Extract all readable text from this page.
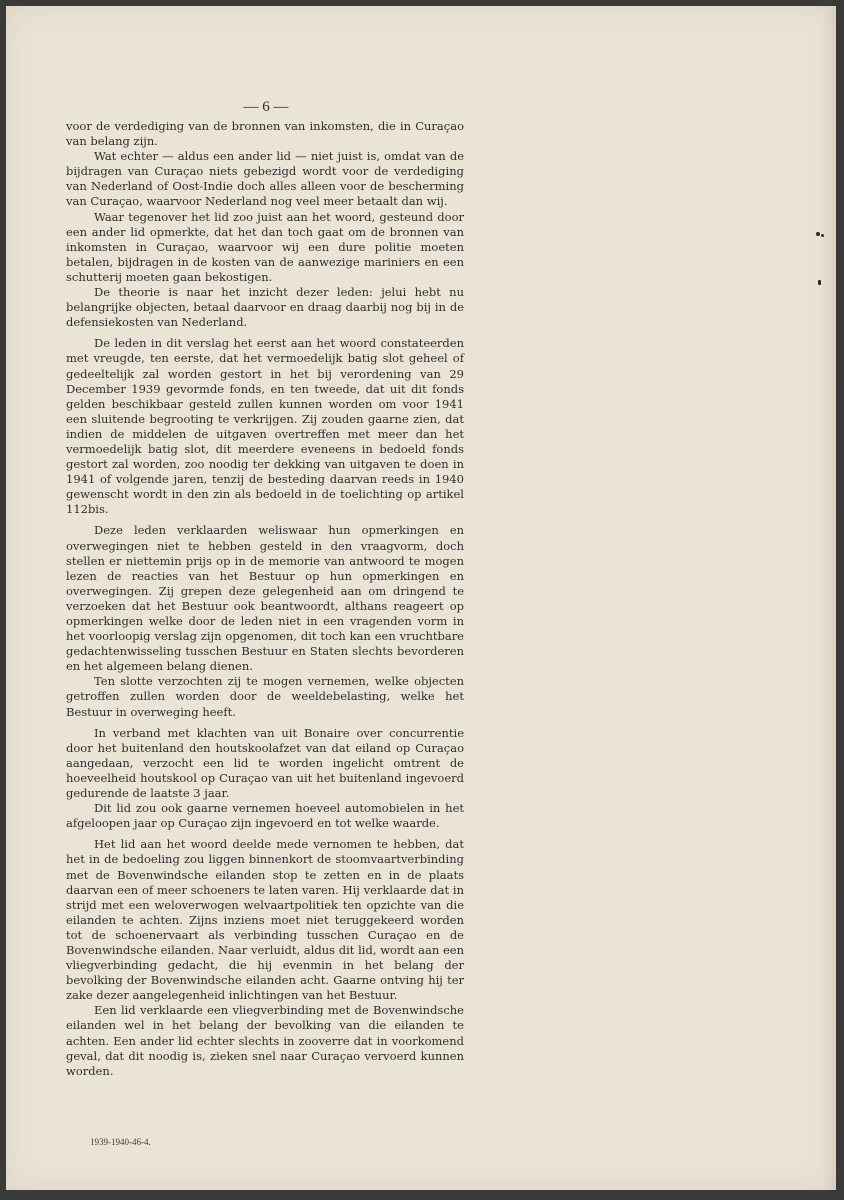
— 6 —

voor de verdediging van de bronnen van inkomsten, die in Curaçao van belang zijn.

Wat echter — aldus een ander lid — niet juist is, omdat van de bijdragen van Curaçao niets gebezigd wordt voor de verdediging van Nederland of Oost-Indie doch alles alleen voor de bescherming van Curaçao, waarvoor Nederland nog veel meer betaalt dan wij.

Waar tegenover het lid zoo juist aan het woord, gesteund door een ander lid opmerkte, dat het dan toch gaat om de bronnen van inkomsten in Curaçao, waarvoor wij een dure politie moeten betalen, bijdragen in de kosten van de aanwezige mariniers en een schutterij moeten gaan bekostigen.

De theorie is naar het inzicht dezer leden: jelui hebt nu belangrijke objecten, betaal daarvoor en draag daarbij nog bij in de defensiekosten van Nederland.

De leden in dit verslag het eerst aan het woord constateerden met vreugde, ten eerste, dat het vermoedelijk batig slot geheel of gedeeltelijk zal worden gestort in het bij verordening van 29 December 1939 gevormde fonds, en ten tweede, dat uit dit fonds gelden beschikbaar gesteld zullen kunnen worden om voor 1941 een sluitende begrooting te verkrijgen. Zij zouden gaarne zien, dat indien de middelen de uitgaven overtreffen met meer dan het vermoedelijk batig slot, dit meerdere eveneens in bedoeld fonds gestort zal worden, zoo noodig ter dekking van uitgaven te doen in 1941 of volgende jaren, tenzij de besteding daarvan reeds in 1940 gewenscht wordt in den zin als bedoeld in de toelichting op artikel 112bis.

Deze leden verklaarden weliswaar hun opmerkingen en overwegingen niet te hebben gesteld in den vraagvorm, doch stellen er niettemin prijs op in de memorie van antwoord te mogen lezen de reacties van het Bestuur op hun opmerkingen en overwegingen. Zij grepen deze gelegenheid aan om dringend te verzoeken dat het Bestuur ook beantwoordt, althans reageert op opmerkingen welke door de leden niet in een vragenden vorm in het voorloopig verslag zijn opgenomen, dit toch kan een vruchtbare gedachtenwisseling tusschen Bestuur en Staten slechts bevorderen en het algemeen belang dienen.

Ten slotte verzochten zij te mogen vernemen, welke objecten getroffen zullen worden door de weeldebelasting, welke het Bestuur in overweging heeft.

In verband met klachten van uit Bonaire over concurrentie door het buitenland den houtskoolafzet van dat eiland op Curaçao aangedaan, verzocht een lid te worden ingelicht omtrent de hoeveelheid houtskool op Curaçao van uit het buitenland ingevoerd gedurende de laatste 3 jaar.

Dit lid zou ook gaarne vernemen hoeveel automobielen in het afgeloopen jaar op Curaçao zijn ingevoerd en tot welke waarde.

Het lid aan het woord deelde mede vernomen te hebben, dat het in de bedoeling zou liggen binnenkort de stoomvaartverbinding met de Bovenwindsche eilanden stop te zetten en in de plaats daarvan een of meer schoeners te laten varen. Hij verklaarde dat in strijd met een weloverwogen welvaartpolitiek ten opzichte van die eilanden te achten. Zijns inziens moet niet teruggekeerd worden tot de schoenervaart als verbinding tusschen Curaçao en de Bovenwindsche eilanden. Naar verluidt, aldus dit lid, wordt aan een vliegverbinding gedacht, die hij evenmin in het belang der bevolking der Bovenwindsche eilanden acht. Gaarne ontving hij ter zake dezer aangelegenheid inlichtingen van het Bestuur.

Een lid verklaarde een vliegverbinding met de Bovenwindsche eilanden wel in het belang der bevolking van die eilanden te achten. Een ander lid echter slechts in zooverre dat in voorkomend geval, dat dit noodig is, zieken snel naar Curaçao vervoerd kunnen worden.

1939-1940-46-4.
